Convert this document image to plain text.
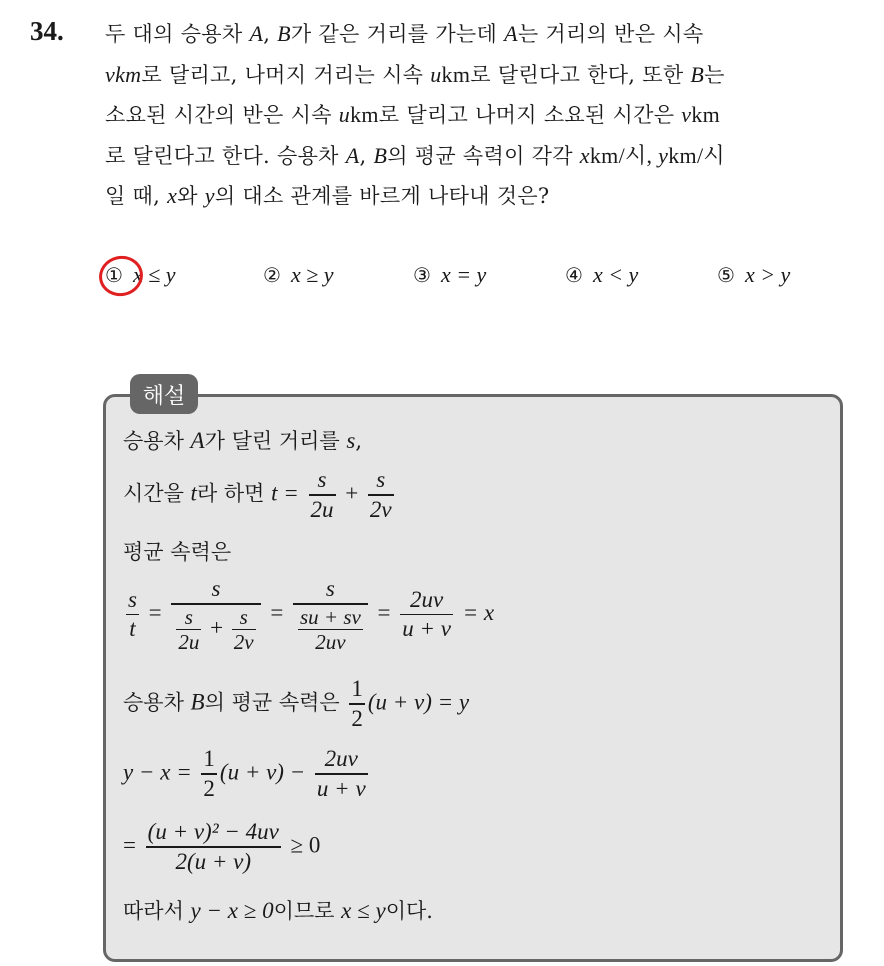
34. 두 대의 승용차 A, B가 같은 거리를 가는데 A는 거리의 반은 시속
vkm로 달리고, 나머지 거리는 시속 ukm로 달린다고 한다, 또한 B는
소요된 시간의 반은 시속 ukm로 달리고 나머지 소요된 시간은 vkm
로 달린다고 한다. 승용차 A, B의 평균 속력이 각각 xkm/시, ykm/시
일 때, x와 y의 대소 관계를 바르게 나타내 것은?
① x ≤ y	② x ≥ y	③ x = y	④ x < y	⑤ x > y
해설
승용차 A가 달린 거리를 s,
시간을 t라 하면 $t = \frac{s}{2u} + \frac{s}{2v}$
평균 속력은
$\frac{s}{t} = \frac{s}{\frac{s}{2u} + \frac{s}{2v}} = \frac{s}{\frac{su + sv}{2uv}} = \frac{2uv}{u + v} = x$
승용차 B의 평균 속력은 $\frac{1}{2} (u + v) = y$
$y - x = \frac{1}{2} (u + v) - \frac{2uv}{u + v}$
= $\frac{\text{(u + v)² − 4uv}}{2(u + v)} \ge 0$
따라서 y − x ≥ 0이므로 x ≤ y이다.
